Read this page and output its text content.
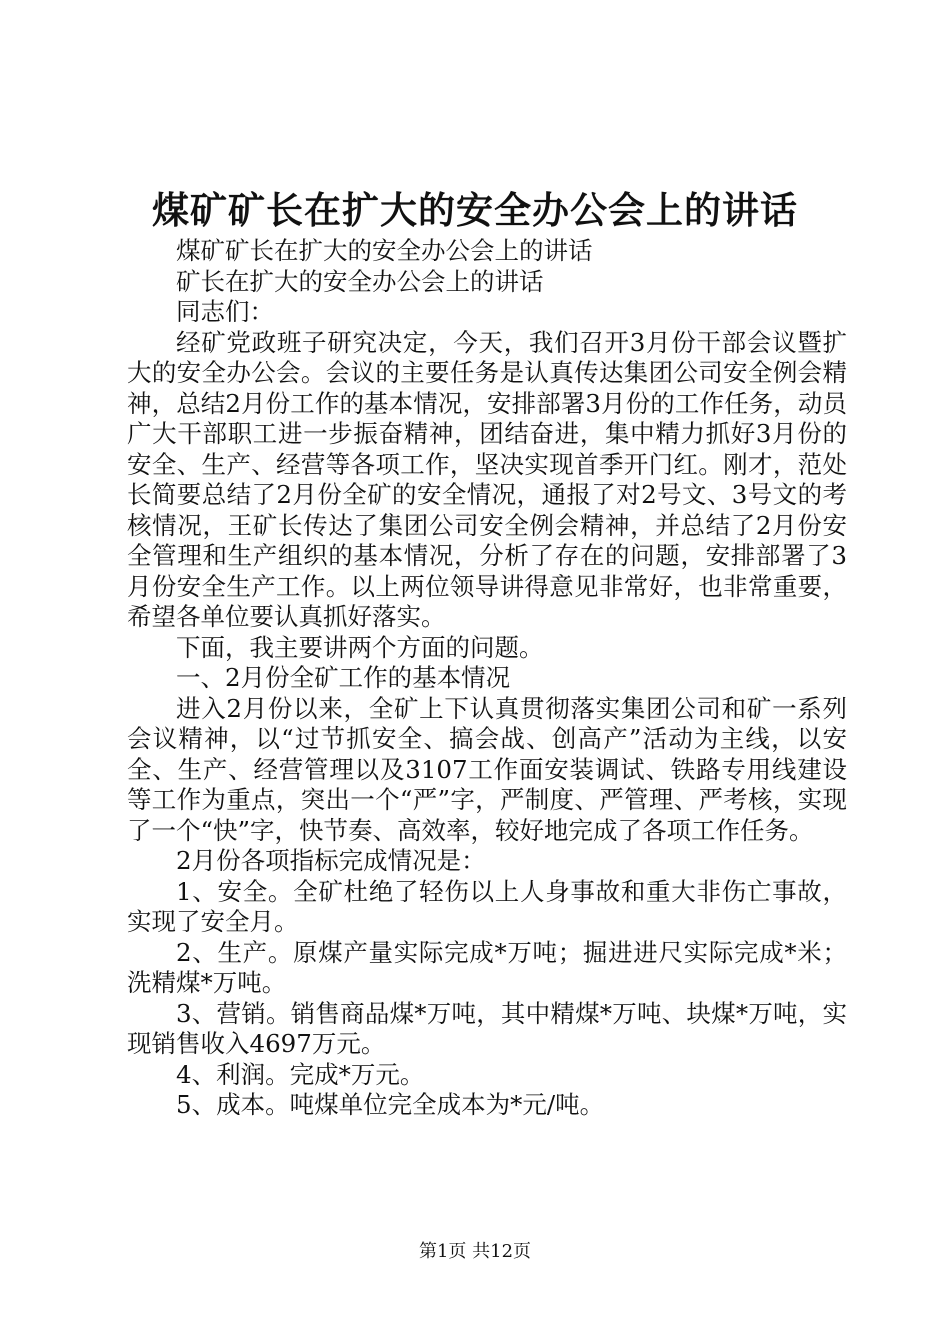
煤矿矿长在扩大的安全办公会上的讲话

煤矿矿长在扩大的安全办公会上的讲话

矿长在扩大的安全办公会上的讲话

同志们：

经矿党政班子研究决定，今天，我们召开3月份干部会议暨扩大的安全办公会。会议的主要任务是认真传达集团公司安全例会精神，总结2月份工作的基本情况，安排部署3月份的工作任务，动员广大干部职工进一步振奋精神，团结奋进，集中精力抓好3月份的安全、生产、经营等各项工作，坚决实现首季开门红。刚才，范处长简要总结了2月份全矿的安全情况，通报了对2号文、3号文的考核情况，王矿长传达了集团公司安全例会精神，并总结了2月份安全管理和生产组织的基本情况，分析了存在的问题，安排部署了3月份安全生产工作。以上两位领导讲得意见非常好，也非常重要，希望各单位要认真抓好落实。

下面，我主要讲两个方面的问题。

一、2月份全矿工作的基本情况

进入2月份以来，全矿上下认真贯彻落实集团公司和矿一系列会议精神，以“过节抓安全、搞会战、创高产”活动为主线，以安全、生产、经营管理以及3107工作面安装调试、铁路专用线建设等工作为重点，突出一个“严”字，严制度、严管理、严考核，实现了一个“快”字，快节奏、高效率，较好地完成了各项工作任务。

2月份各项指标完成情况是：

1、安全。全矿杜绝了轻伤以上人身事故和重大非伤亡事故，实现了安全月。

2、生产。原煤产量实际完成*万吨；掘进进尺实际完成*米；洗精煤*万吨。

3、营销。销售商品煤*万吨，其中精煤*万吨、块煤*万吨，实现销售收入4697万元。

4、利润。完成*万元。

5、成本。吨煤单位完全成本为*元/吨。

第1页 共12页
